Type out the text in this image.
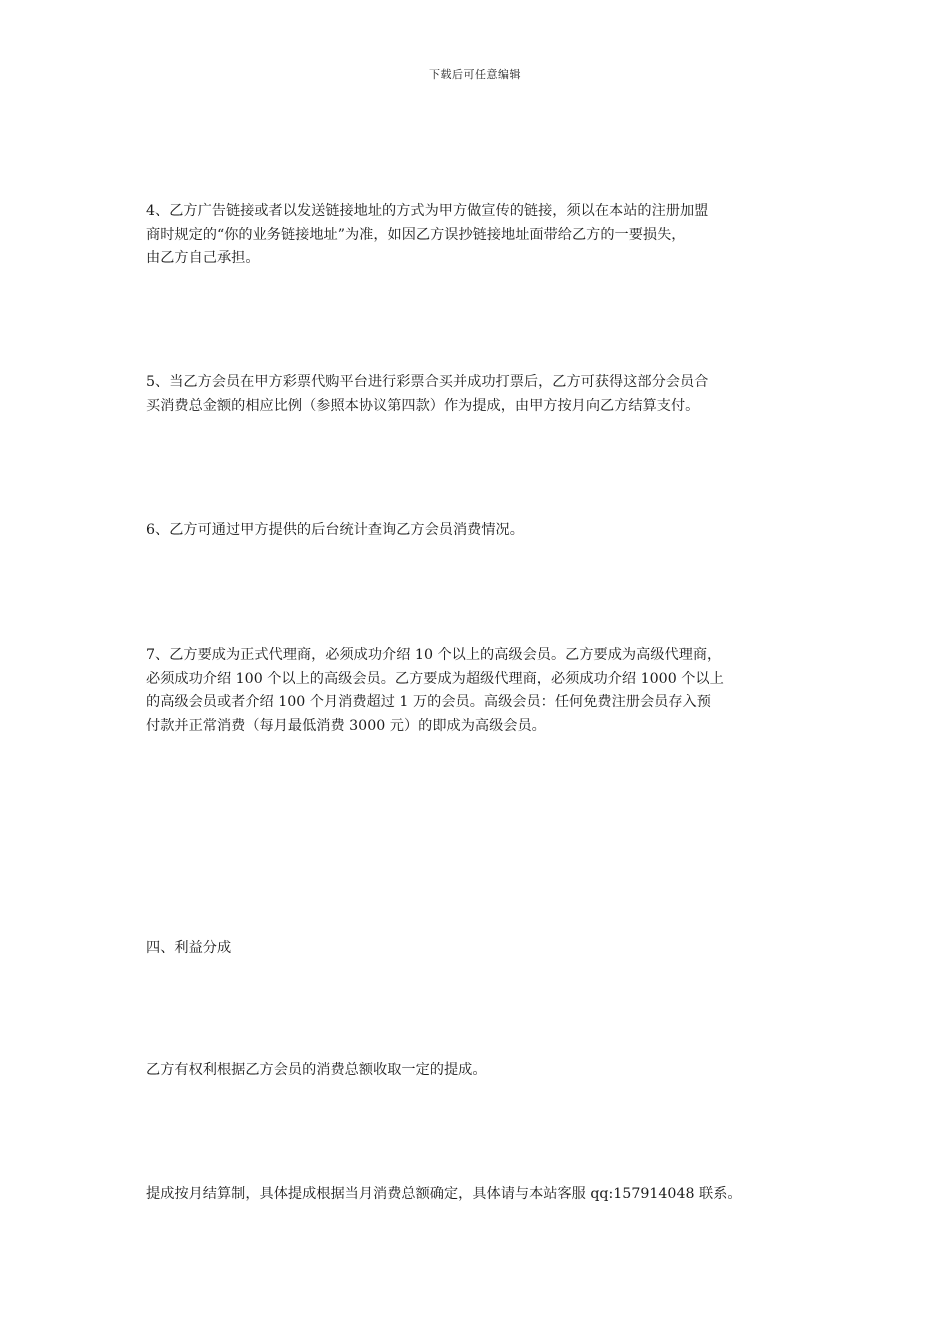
下载后可任意编辑
4、乙方广告链接或者以发送链接地址的方式为甲方做宣传的链接，须以在本站的注册加盟
商时规定的“你的业务链接地址”为准，如因乙方误抄链接地址面带给乙方的一要损失，
由乙方自己承担。
5、当乙方会员在甲方彩票代购平台进行彩票合买并成功打票后，乙方可获得这部分会员合
买消费总金额的相应比例（参照本协议第四款）作为提成，由甲方按月向乙方结算支付。
6、乙方可通过甲方提供的后台统计查询乙方会员消费情况。
7、乙方要成为正式代理商，必须成功介绍 10 个以上的高级会员。乙方要成为高级代理商，
必须成功介绍 100 个以上的高级会员。乙方要成为超级代理商，必须成功介绍 1000 个以上
的高级会员或者介绍 100 个月消费超过 1 万的会员。高级会员：任何免费注册会员存入预
付款并正常消费（每月最低消费 3000 元）的即成为高级会员。
四、利益分成
乙方有权利根据乙方会员的消费总额收取一定的提成。
提成按月结算制，具体提成根据当月消费总额确定，具体请与本站客服 qq:157914048 联系。
